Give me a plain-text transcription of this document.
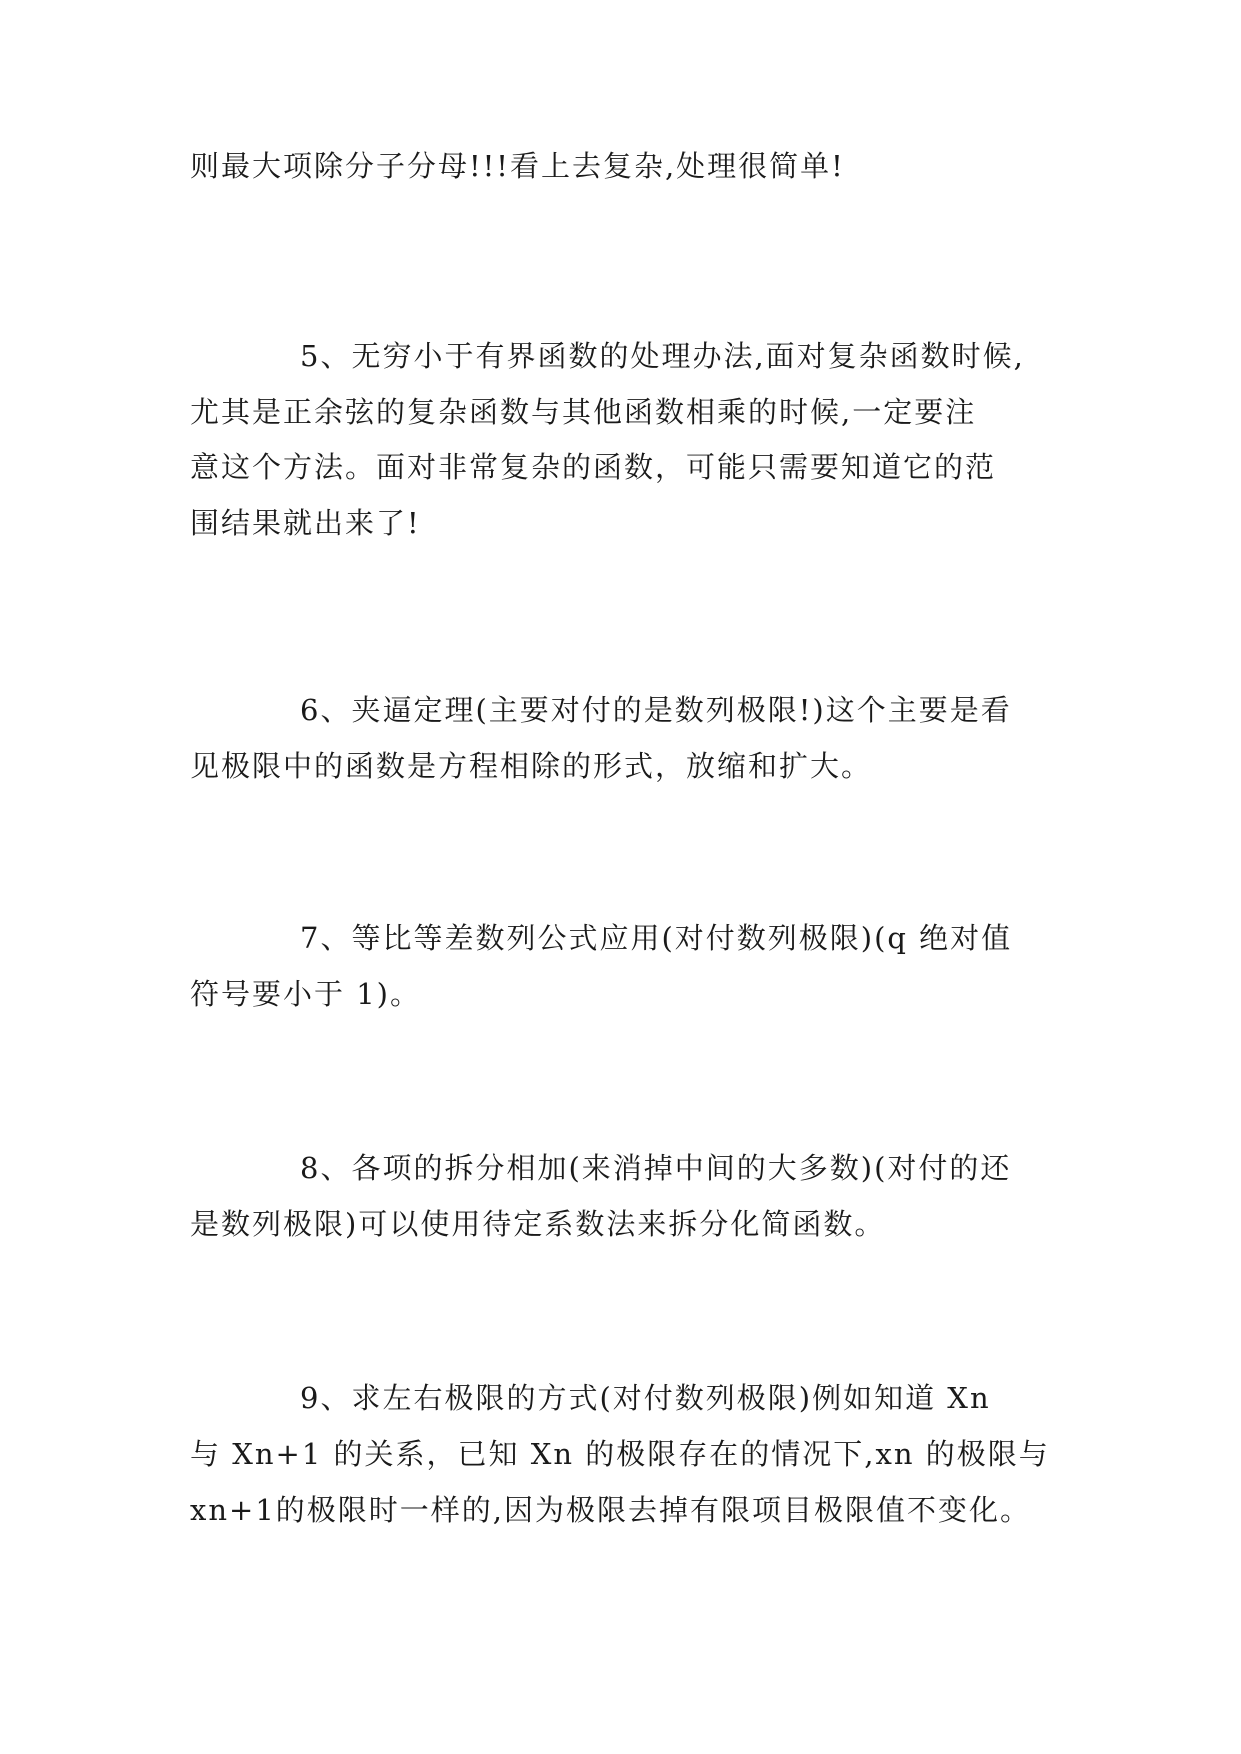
则最大项除分子分母!!!看上去复杂,处理很简单!
5、无穷小于有界函数的处理办法,面对复杂函数时候,
尤其是正余弦的复杂函数与其他函数相乘的时候,一定要注
意这个方法。面对非常复杂的函数，可能只需要知道它的范
围结果就出来了!
6、夹逼定理(主要对付的是数列极限!)这个主要是看
见极限中的函数是方程相除的形式，放缩和扩大。
7、等比等差数列公式应用(对付数列极限)(q 绝对值
符号要小于 1)。
8、各项的拆分相加(来消掉中间的大多数)(对付的还
是数列极限)可以使用待定系数法来拆分化简函数。
9、求左右极限的方式(对付数列极限)例如知道 Xn
与 Xn+1 的关系，已知 Xn 的极限存在的情况下,xn 的极限与
xn+1的极限时一样的,因为极限去掉有限项目极限值不变化。
